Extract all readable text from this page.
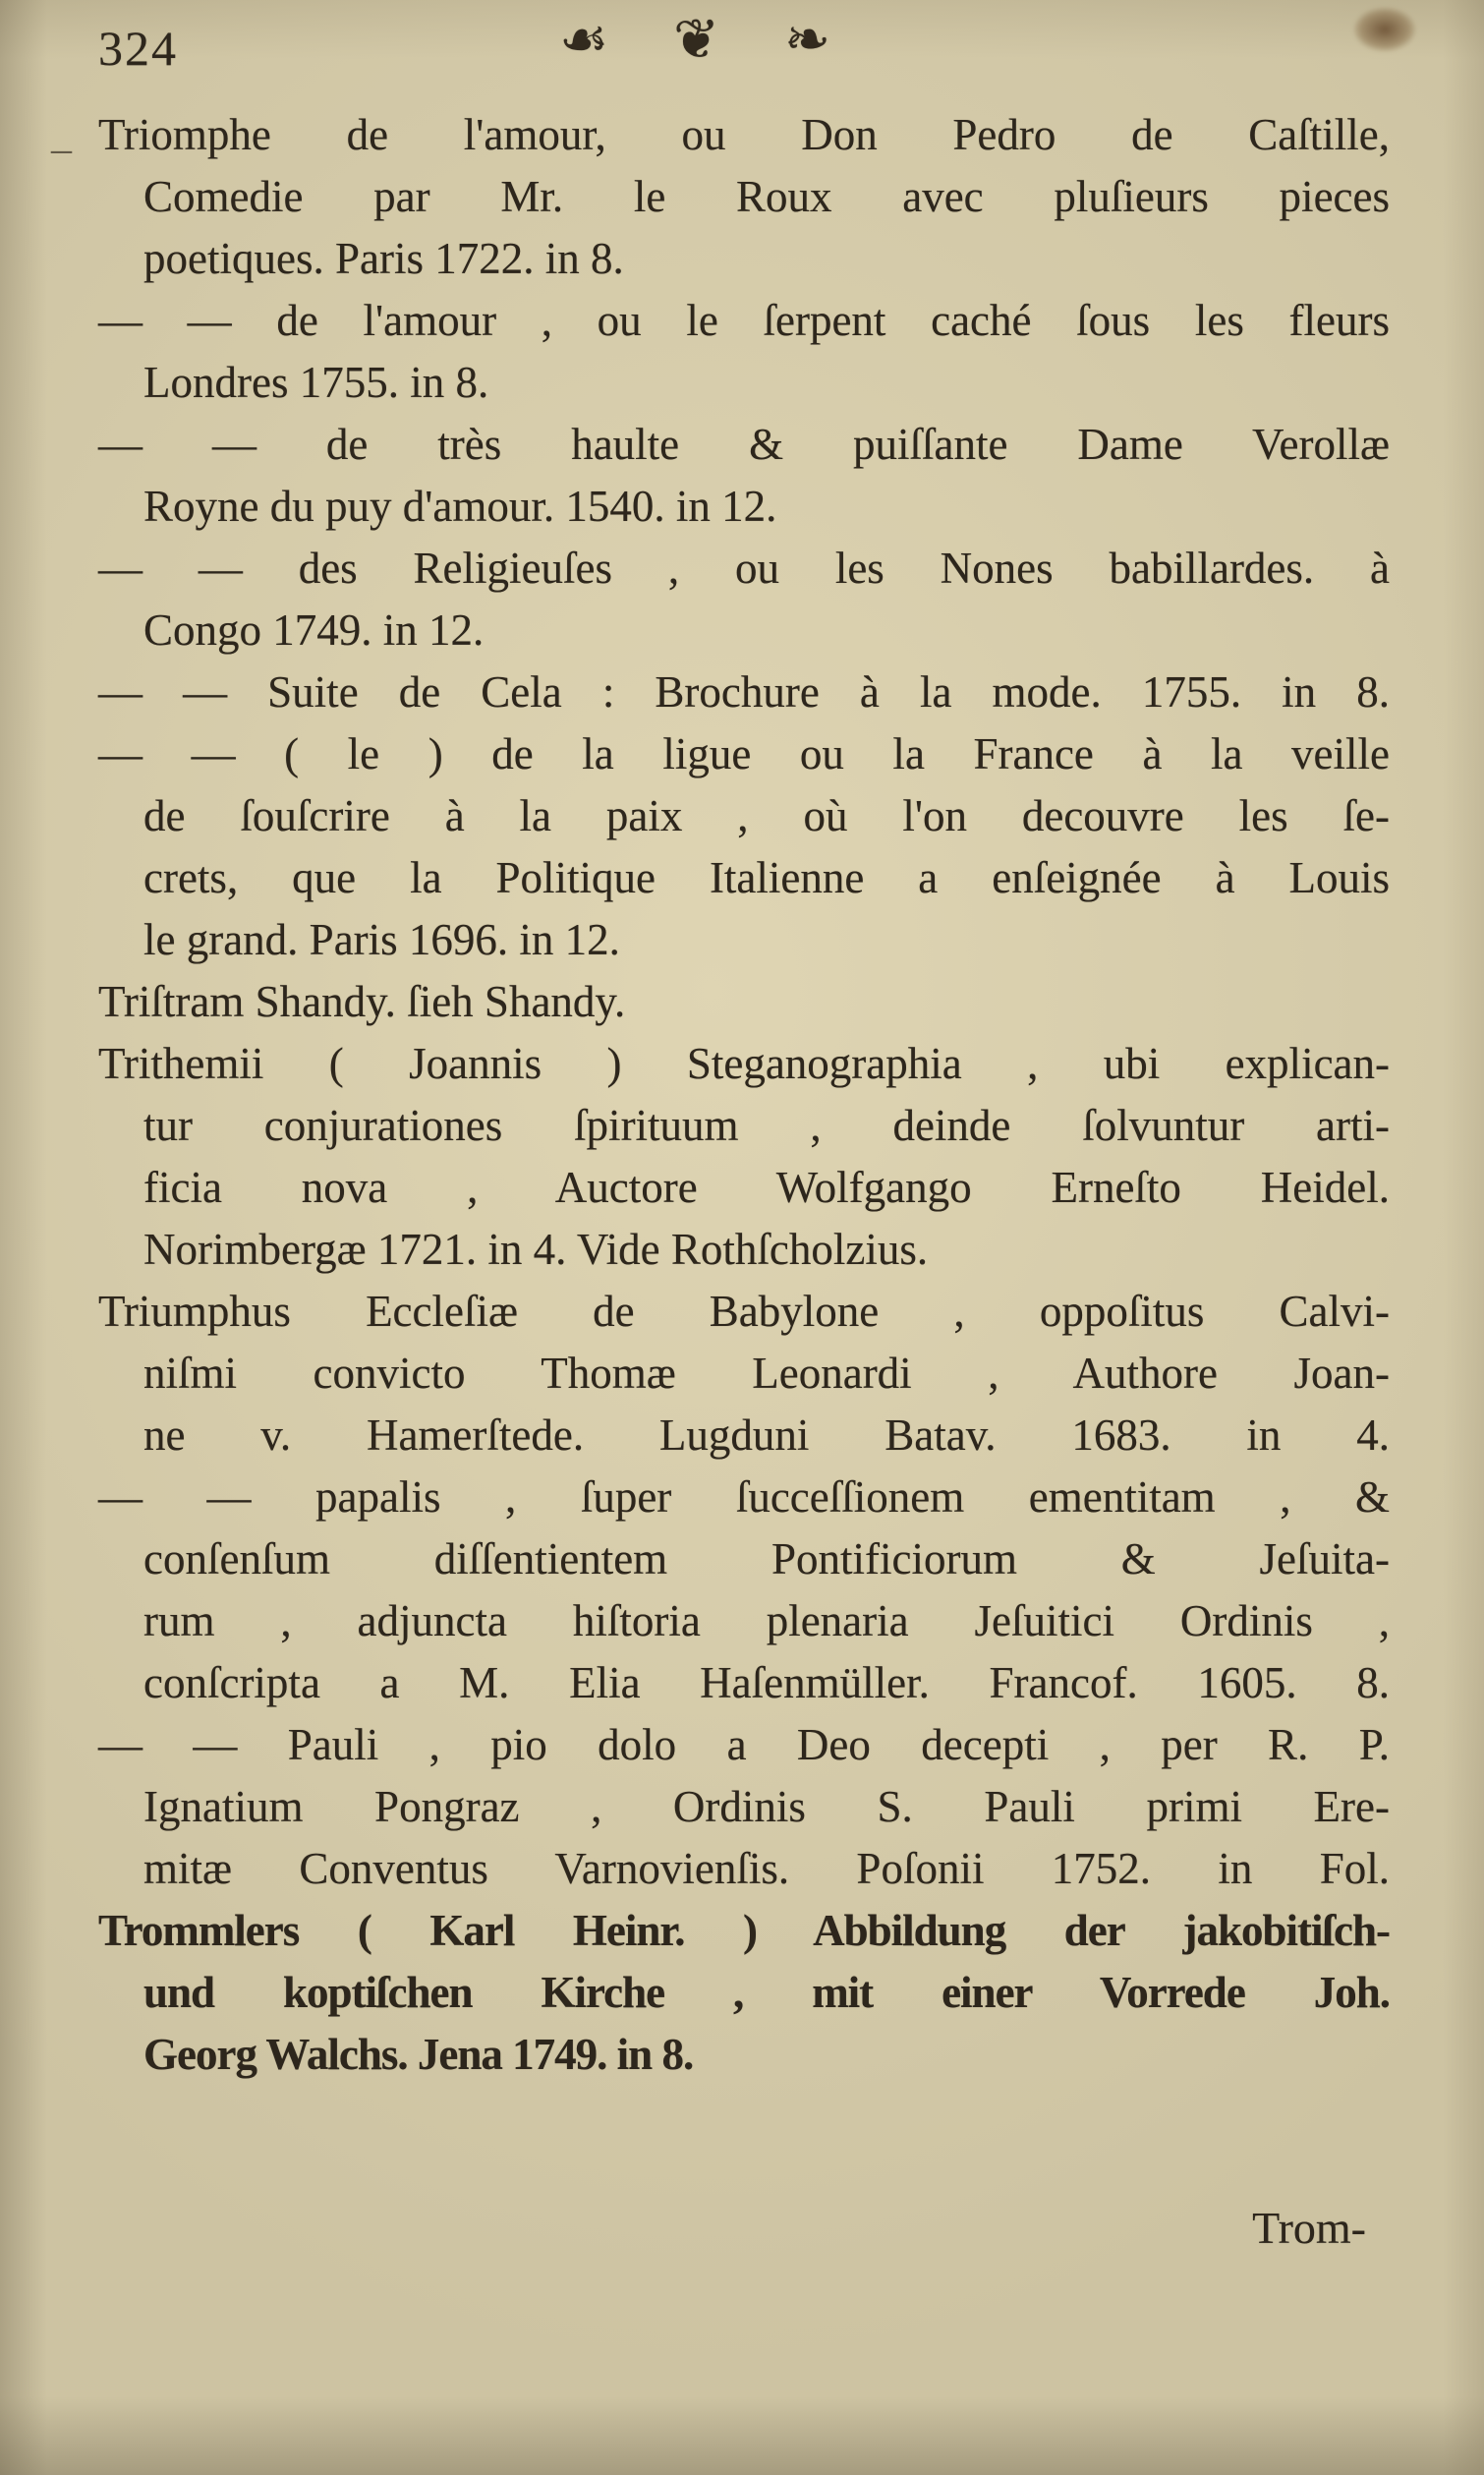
324	☙ ❦ ❧
– Triomphe de l'amour, ou Don Pedro de Caſtille,
Comedie par Mr. le Roux avec pluſieurs pieces
poetiques. Paris 1722. in 8.
— — de l'amour , ou le ſerpent caché ſous les fleurs
Londres 1755. in 8.
— — de très haulte & puiſſante Dame Verollæ
Royne du puy d'amour. 1540. in 12.
— — des Religieuſes , ou les Nones babillardes. à
Congo 1749. in 12.
— — Suite de Cela : Brochure à la mode. 1755. in 8.
— — ( le ) de la ligue ou la France à la veille
de ſouſcrire à la paix , où l'on decouvre les ſe-
crets, que la Politique Italienne a enſeignée à Louis
le grand. Paris 1696. in 12.
Triſtram Shandy. ſieh Shandy.
Trithemii ( Joannis ) Steganographia , ubi explican-
tur conjurationes ſpirituum , deinde ſolvuntur arti-
ficia nova , Auctore Wolfgango Erneſto Heidel.
Norimbergæ 1721. in 4. Vide Rothſcholzius.
Triumphus Eccleſiæ de Babylone , oppoſitus Calvi-
niſmi convicto Thomæ Leonardi , Authore Joan-
ne v. Hamerſtede. Lugduni Batav. 1683. in 4.
— — papalis , ſuper ſucceſſionem ementitam , &
conſenſum diſſentientem Pontificiorum & Jeſuita-
rum , adjuncta hiſtoria plenaria Jeſuitici Ordinis ,
conſcripta a M. Elia Haſenmüller. Francof. 1605. 8.
— — Pauli , pio dolo a Deo decepti , per R. P.
Ignatium Pongraz , Ordinis S. Pauli primi Ere-
mitæ Conventus Varnovienſis. Poſonii 1752. in Fol.
Trommlers ( Karl Heinr. ) Abbildung der jakobitiſch-
und koptiſchen Kirche , mit einer Vorrede Joh.
Georg Walchs. Jena 1749. in 8.
Trom-
